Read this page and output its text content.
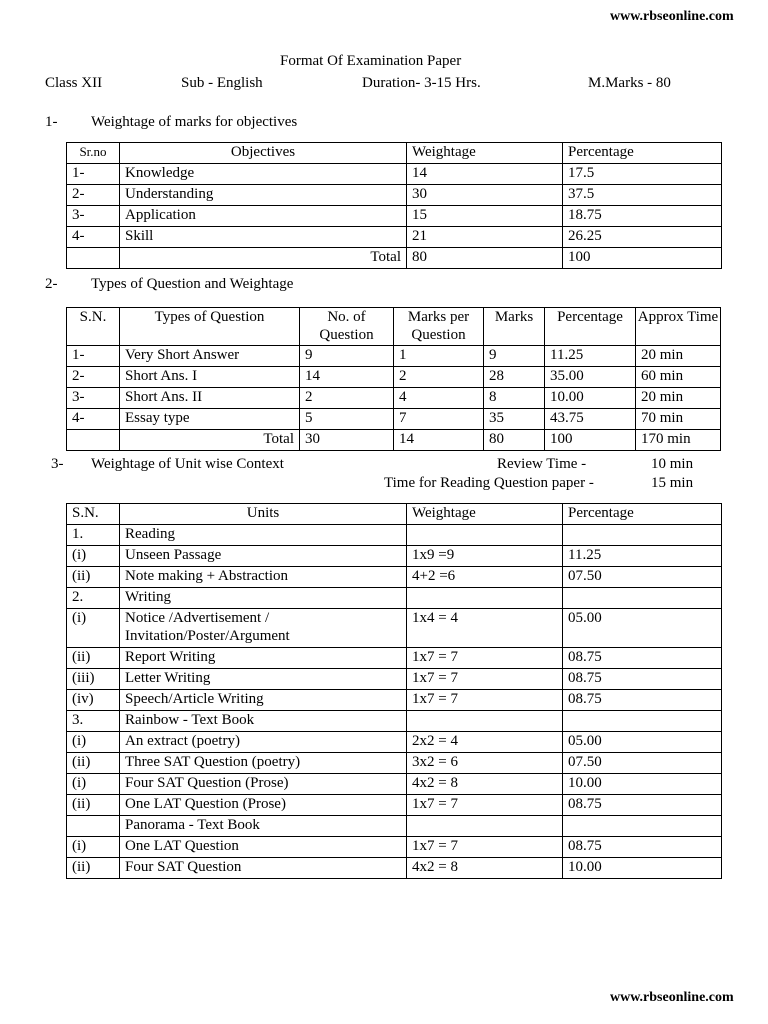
www.rbseonline.com
Format Of Examination Paper
Class XII	Sub - English	Duration- 3-15 Hrs.	M.Marks - 80
1- Weightage of marks for objectives
Sr.no	Objectives	Weightage	Percentage
1-	Knowledge	14	17.5
2-	Understanding	30	37.5
3-	Application	15	18.75
4-	Skill	21	26.25
	Total	80	100
2- Types of Question and Weightage
S.N.	Types of Question	No. of Question	Marks per Question	Marks	Percentage	Approx Time
1-	Very Short Answer	9	1	9	11.25	20 min
2-	Short Ans. I	14	2	28	35.00	60 min
3-	Short Ans. II	2	4	8	10.00	20 min
4-	Essay type	5	7	35	43.75	70 min
	Total	30	14	80	100	170 min
3- Weightage of Unit wise Context	Review Time -	10 min
Time for Reading Question paper -	15 min
S.N.	Units	Weightage	Percentage
1.	Reading		
(i)	Unseen Passage	1x9 =9	11.25
(ii)	Note making + Abstraction	4+2 =6	07.50
2.	Writing		
(i)	Notice /Advertisement / Invitation/Poster/Argument	1x4 = 4	05.00
(ii)	Report Writing	1x7 = 7	08.75
(iii)	Letter Writing	1x7 = 7	08.75
(iv)	Speech/Article Writing	1x7 = 7	08.75
3.	Rainbow - Text Book		
(i)	An extract (poetry)	2x2 = 4	05.00
(ii)	Three SAT Question (poetry)	3x2 = 6	07.50
(i)	Four SAT Question (Prose)	4x2 = 8	10.00
(ii)	One LAT Question (Prose)	1x7 = 7	08.75
	Panorama - Text Book		
(i)	One LAT Question	1x7 = 7	08.75
(ii)	Four SAT Question	4x2 = 8	10.00
www.rbseonline.com
